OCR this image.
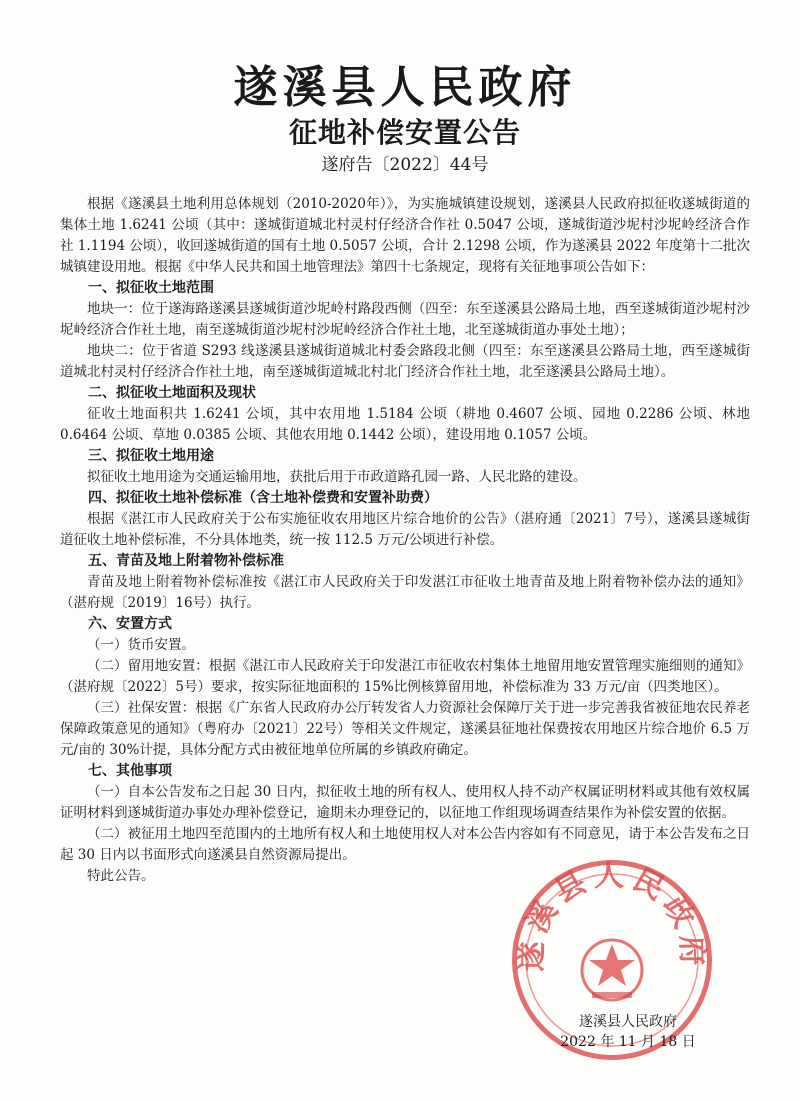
遂溪县人民政府
征地补偿安置公告
遂府告〔2022〕44号

根据《遂溪县土地利用总体规划（2010-2020年）》，为实施城镇建设规划，遂溪县人民政府拟征收遂城街道的集体土地 1.6241 公顷（其中：遂城街道城北村灵村仔经济合作社 0.5047 公顷，遂城街道沙坭村沙坭岭经济合作社 1.1194 公顷），收回遂城街道的国有土地 0.5057 公顷，合计 2.1298 公顷，作为遂溪县 2022 年度第十二批次城镇建设用地。根据《中华人民共和国土地管理法》第四十七条规定，现将有关征地事项公告如下：

一、拟征收土地范围

地块一：位于遂海路遂溪县遂城街道沙坭岭村路段西侧（四至：东至遂溪县公路局土地，西至遂城街道沙坭村沙坭岭经济合作社土地，南至遂城街道沙坭村沙坭岭经济合作社土地，北至遂城街道办事处土地）；

地块二：位于省道 S293 线遂溪县遂城街道城北村委会路段北侧（四至：东至遂溪县公路局土地，西至遂城街道城北村灵村仔经济合作社土地，南至遂城街道城北村北门经济合作社土地，北至遂溪县公路局土地）。

二、拟征收土地面积及现状

征收土地面积共 1.6241 公顷，其中农用地 1.5184 公顷（耕地 0.4607 公顷、园地 0.2286 公顷、林地 0.6464 公顷、草地 0.0385 公顷、其他农用地 0.1442 公顷），建设用地 0.1057 公顷。

三、拟征收土地用途

拟征收土地用途为交通运输用地，获批后用于市政道路孔园一路、人民北路的建设。

四、拟征收土地补偿标准（含土地补偿费和安置补助费）

根据《湛江市人民政府关于公布实施征收农用地区片综合地价的公告》（湛府通〔2021〕7号），遂溪县遂城街道征收土地补偿标准，不分具体地类，统一按 112.5 万元/公顷进行补偿。

五、青苗及地上附着物补偿标准

青苗及地上附着物补偿标准按《湛江市人民政府关于印发湛江市征收土地青苗及地上附着物补偿办法的通知》（湛府规〔2019〕16号）执行。

六、安置方式

（一）货币安置。

（二）留用地安置：根据《湛江市人民政府关于印发湛江市征收农村集体土地留用地安置管理实施细则的通知》（湛府规〔2022〕5号）要求，按实际征地面积的 15%比例核算留用地，补偿标准为 33 万元/亩（四类地区）。

（三）社保安置：根据《广东省人民政府办公厅转发省人力资源社会保障厅关于进一步完善我省被征地农民养老保障政策意见的通知》（粤府办〔2021〕22号）等相关文件规定，遂溪县征地社保费按农用地区片综合地价 6.5 万元/亩的 30%计提，具体分配方式由被征地单位所属的乡镇政府确定。

七、其他事项

（一）自本公告发布之日起 30 日内，拟征收土地的所有权人、使用权人持不动产权属证明材料或其他有效权属证明材料到遂城街道办事处办理补偿登记，逾期未办理登记的，以征地工作组现场调查结果作为补偿安置的依据。

（二）被征用土地四至范围内的土地所有权人和土地使用权人对本公告内容如有不同意见，请于本公告发布之日起 30 日内以书面形式向遂溪县自然资源局提出。

特此公告。

遂溪县人民政府
遂溪县人民政府
2022 年 11 月 18 日
